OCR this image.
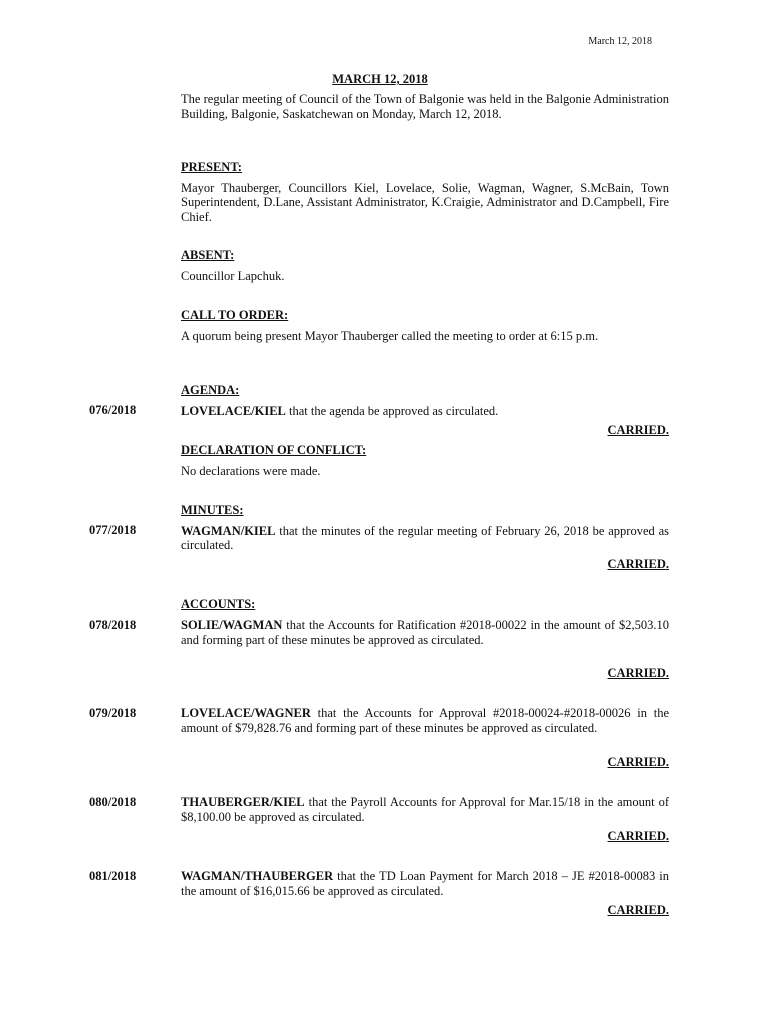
March 12, 2018
MARCH 12, 2018

The regular meeting of Council of the Town of Balgonie was held in the Balgonie Administration Building, Balgonie, Saskatchewan on Monday, March 12, 2018.

PRESENT:

Mayor Thauberger, Councillors Kiel, Lovelace, Solie, Wagman, Wagner, S.McBain, Town Superintendent, D.Lane, Assistant Administrator, K.Craigie, Administrator and D.Campbell, Fire Chief.

ABSENT:

Councillor Lapchuk.

CALL TO ORDER:

A quorum being present Mayor Thauberger called the meeting to order at 6:15 p.m.

AGENDA:

LOVELACE/KIEL that the agenda be approved as circulated.

076/2018
CARRIED.

DECLARATION OF CONFLICT:

No declarations were made.

MINUTES:

WAGMAN/KIEL that the minutes of the regular meeting of February 26, 2018 be approved as circulated.

077/2018
CARRIED.

ACCOUNTS:

SOLIE/WAGMAN that the Accounts for Ratification #2018-00022 in the amount of $2,503.10 and forming part of these minutes be approved as circulated.

078/2018
CARRIED.

LOVELACE/WAGNER that the Accounts for Approval #2018-00024-#2018-00026 in the amount of $79,828.76 and forming part of these minutes be approved as circulated.

079/2018
CARRIED.

THAUBERGER/KIEL that the Payroll Accounts for Approval for Mar.15/18 in the amount of $8,100.00 be approved as circulated.

080/2018
CARRIED.

WAGMAN/THAUBERGER that the TD Loan Payment for March 2018 – JE #2018-00083 in the amount of $16,015.66 be approved as circulated.

081/2018
CARRIED.
